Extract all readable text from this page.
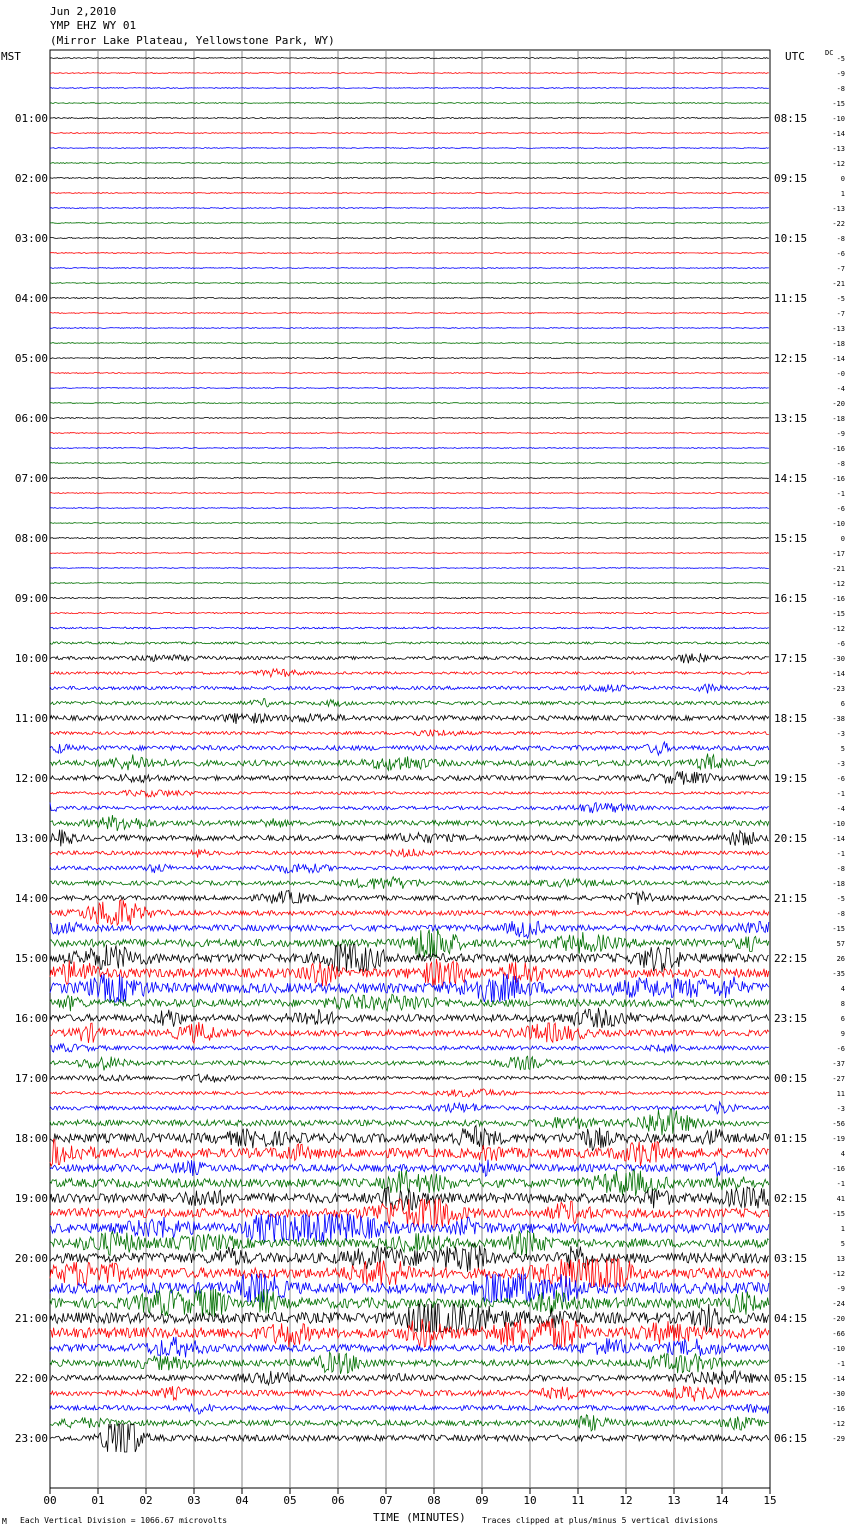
Jun 2,2010
YMP EHZ WY 01
(Mirror Lake Plateau, Yellowstone Park, WY)
MST	UTC	DC
01:00
02:00
03:00
04:00
05:00
06:00
07:00
08:00
09:00
10:00
11:00
12:00
13:00
14:00
15:00
16:00
17:00
18:00
19:00
20:00
21:00
22:00
23:00
08:15
09:15
10:15
11:15
12:15
13:15
14:15
15:15
16:15
17:15
18:15
19:15
20:15
21:15
22:15
23:15
00:15
01:15
02:15
03:15
04:15
05:15
06:15
-5
-9
-8
-15
-10
-14
-13
-12
0
1
-13
-22
-8
-6
-7
-21
-5
-7
-13
-18
-14
-0
-4
-20
-18
-9
-16
-8
-16
-1
-6
-10
0
-17
-21
-12
-16
-15
-12
-6
-30
-14
-23
6
-38
-3
5
-3
-6
-1
-4
-10
-14
-1
-8
-18
-5
-8
-15
57
26
-35
4
8
6
9
-6
-37
-27
11
-3
-56
-19
4
-16
-1
41
-15
1
5
13
-12
-9
-24
-20
-66
-10
-1
-14
-30
-16
-12
-29
00	01	02	03	04	05	06	07	08	09	10	11	12	13	14	15
TIME (MINUTES)
M Each Vertical Division = 1066.67 microvolts	Traces clipped at plus/minus 5 vertical divisions
